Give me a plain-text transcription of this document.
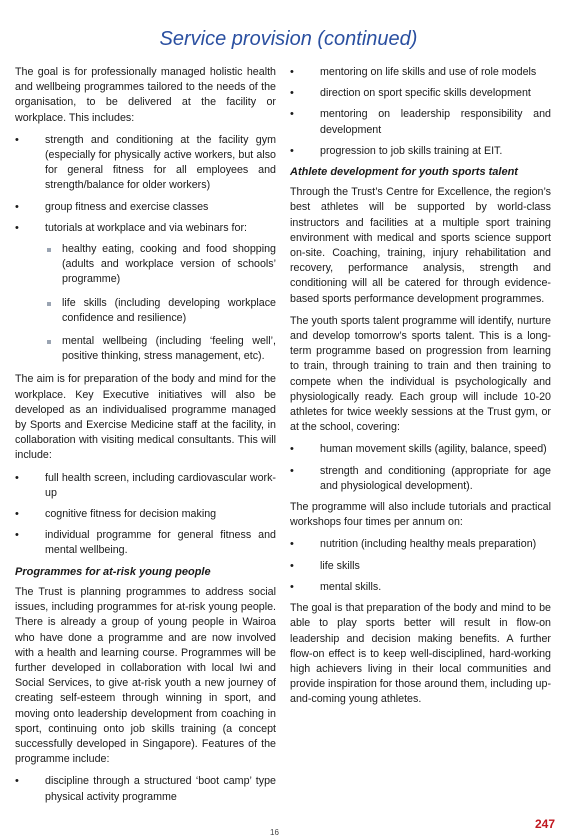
Service provision (continued)

The goal is for professionally managed holistic health and wellbeing programmes tailored to the needs of the organisation, to be delivered at the facility or workplace. This includes:

• strength and conditioning at the facility gym (especially for physically active workers, but also for general fitness for all employees and strength/balance for older workers)
• group fitness and exercise classes
• tutorials at workplace and via webinars for:
healthy eating, cooking and food shopping (adults and workplace version of schools’ programme)
life skills (including developing workplace confidence and resilience)
mental wellbeing (including ‘feeling well’, positive thinking, stress management, etc).

The aim is for preparation of the body and mind for the workplace. Key Executive initiatives will also be developed as an individualised programme managed by Sports and Exercise Medicine staff at the facility, in collaboration with visiting medical consultants. This will include:

• full health screen, including cardiovascular work-up
• cognitive fitness for decision making
• individual programme for general fitness and mental wellbeing.
Programmes for at-risk young people

The Trust is planning programmes to address social issues, including programmes for at-risk young people. There is already a group of young people in Wairoa who have done a programme and are now involved with a health and learning course. Programmes will be further developed in collaboration with local Iwi and Social Services, to give at-risk youth a new journey of creating self-esteem through winning in sport, and moving onto leadership development from coaching in sport, continuing onto job skills training (a concept successfully developed in Singapore). Features of the programme include:

• discipline through a structured ‘boot camp’ type physical activity programme
• mentoring on life skills and use of role models
• direction on sport specific skills development
• mentoring on leadership responsibility and development
• progression to job skills training at EIT.
Athlete development for youth sports talent

Through the Trust’s Centre for Excellence, the region’s best athletes will be supported by world-class instructors and facilities at a multiple sport training environment with medical and sports science support on-site. Coaching, training, injury rehabilitation and recovery, performance analysis, strength and conditioning will all be catered for through evidence-based sports performance development programmes.

The youth sports talent programme will identify, nurture and develop tomorrow’s sports talent. This is a long-term programme based on progression from learning to train, through training to train and then training to compete when the individual is psychologically and physiologically ready. Each group will include 10-20 athletes for twice weekly sessions at the Trust gym, or at the school, covering:

• human movement skills (agility, balance, speed)
• strength and conditioning (appropriate for age and physiological development).

The programme will also include tutorials and practical workshops four times per annum on:

• nutrition (including healthy meals preparation)
• life skills
• mental skills.

The goal is that preparation of the body and mind to be able to play sports better will result in flow-on leadership and decision making benefits. A further flow-on effect is to keep well-disciplined, hard-working high achievers living in their local communities and provide inspiration for those around them, including up-and-coming young athletes.

16
247
